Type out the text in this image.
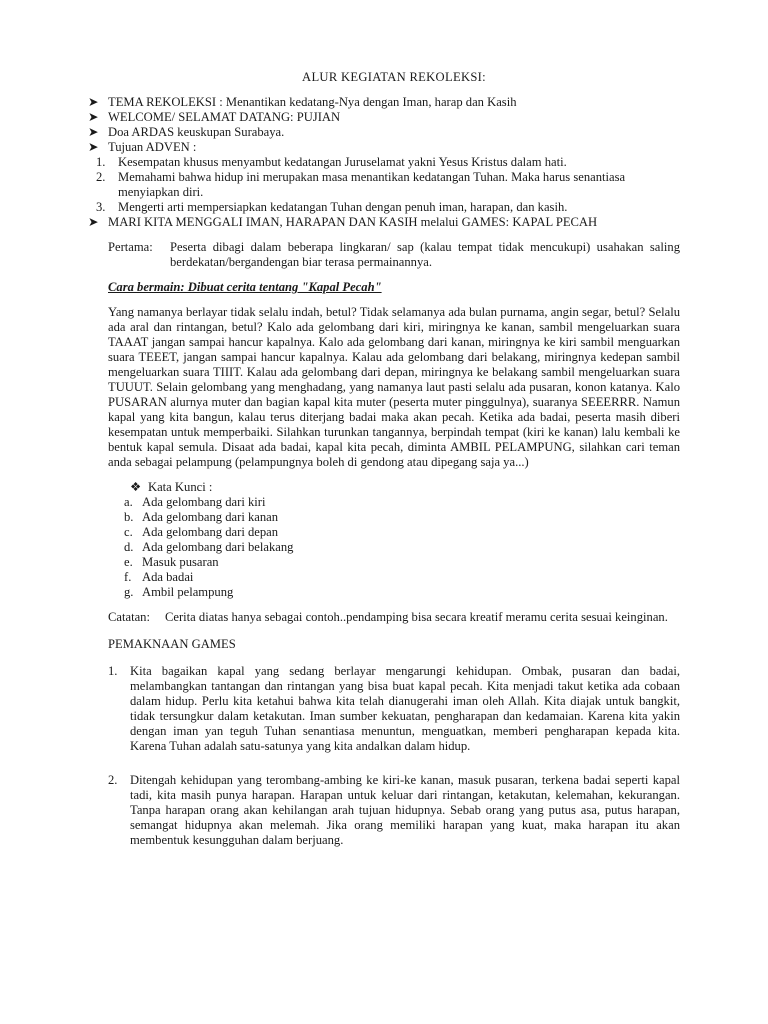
ALUR KEGIATAN REKOLEKSI:
➤ TEMA REKOLEKSI : Menantikan kedatang-Nya dengan Iman, harap dan Kasih
➤ WELCOME/ SELAMAT DATANG: PUJIAN
➤ Doa ARDAS keuskupan Surabaya.
➤ Tujuan ADVEN :
1. Kesempatan khusus menyambut kedatangan Juruselamat yakni Yesus Kristus dalam hati.
2. Memahami bahwa hidup ini merupakan masa menantikan kedatangan Tuhan. Maka harus senantiasa menyiapkan diri.
3. Mengerti arti mempersiapkan kedatangan Tuhan dengan penuh iman, harapan, dan kasih.
➤ MARI KITA MENGGALI IMAN, HARAPAN DAN KASIH melalui GAMES: KAPAL PECAH
Pertama:	Peserta dibagi dalam beberapa lingkaran/ sap (kalau tempat tidak mencukupi) usahakan saling berdekatan/bergandengan biar terasa permainannya.
Cara bermain: Dibuat cerita tentang "Kapal Pecah"
Yang namanya berlayar tidak selalu indah, betul? Tidak selamanya ada bulan purnama, angin segar, betul? Selalu ada aral dan rintangan, betul? Kalo ada gelombang dari kiri, miringnya ke kanan, sambil mengeluarkan suara TAAAT jangan sampai hancur kapalnya. Kalo ada gelombang dari kanan, miringnya ke kiri sambil menguarkan suara TEEET, jangan sampai hancur kapalnya. Kalau ada gelombang dari belakang, miringnya kedepan sambil mengeluarkan suara TIIIT. Kalau ada gelombang dari depan, miringnya ke belakang sambil mengeluarkan suara TUUUT. Selain gelombang yang menghadang, yang namanya laut pasti selalu ada pusaran, konon katanya. Kalo PUSARAN alurnya muter dan bagian kapal kita muter (peserta muter pinggulnya), suaranya SEEERRR. Namun kapal yang kita bangun, kalau terus diterjang badai maka akan pecah. Ketika ada badai, peserta masih diberi kesempatan untuk memperbaiki. Silahkan turunkan tangannya, berpindah tempat (kiri ke kanan) lalu kembali ke bentuk kapal semula. Disaat ada badai, kapal kita pecah, diminta AMBIL PELAMPUNG, silahkan cari teman anda sebagai pelampung (pelampungnya boleh di gendong atau dipegang saja ya...)
❖ Kata Kunci :
a. Ada gelombang dari kiri
b. Ada gelombang dari kanan
c. Ada gelombang dari depan
d. Ada gelombang dari belakang
e. Masuk pusaran
f. Ada badai
g. Ambil pelampung
Catatan:	Cerita diatas hanya sebagai contoh..pendamping bisa secara kreatif meramu cerita sesuai keinginan.
PEMAKNAAN GAMES
1. Kita bagaikan kapal yang sedang berlayar mengarungi kehidupan. Ombak, pusaran dan badai, melambangkan tantangan dan rintangan yang bisa buat kapal pecah. Kita menjadi takut ketika ada cobaan dalam hidup. Perlu kita ketahui bahwa kita telah dianugerahi iman oleh Allah. Kita diajak untuk bangkit, tidak tersungkur dalam ketakutan. Iman sumber kekuatan, pengharapan dan kedamaian. Karena kita yakin dengan iman yan teguh Tuhan senantiasa menuntun, menguatkan, memberi pengharapan kepada kita. Karena Tuhan adalah satu-satunya yang kita andalkan dalam hidup.
2. Ditengah kehidupan yang terombang-ambing ke kiri-ke kanan, masuk pusaran, terkena badai seperti kapal tadi, kita masih punya harapan. Harapan untuk keluar dari rintangan, ketakutan, kelemahan, kekurangan. Tanpa harapan orang akan kehilangan arah tujuan hidupnya. Sebab orang yang putus asa, putus harapan, semangat hidupnya akan melemah. Jika orang memiliki harapan yang kuat, maka harapan itu akan membentuk kesungguhan dalam berjuang.
